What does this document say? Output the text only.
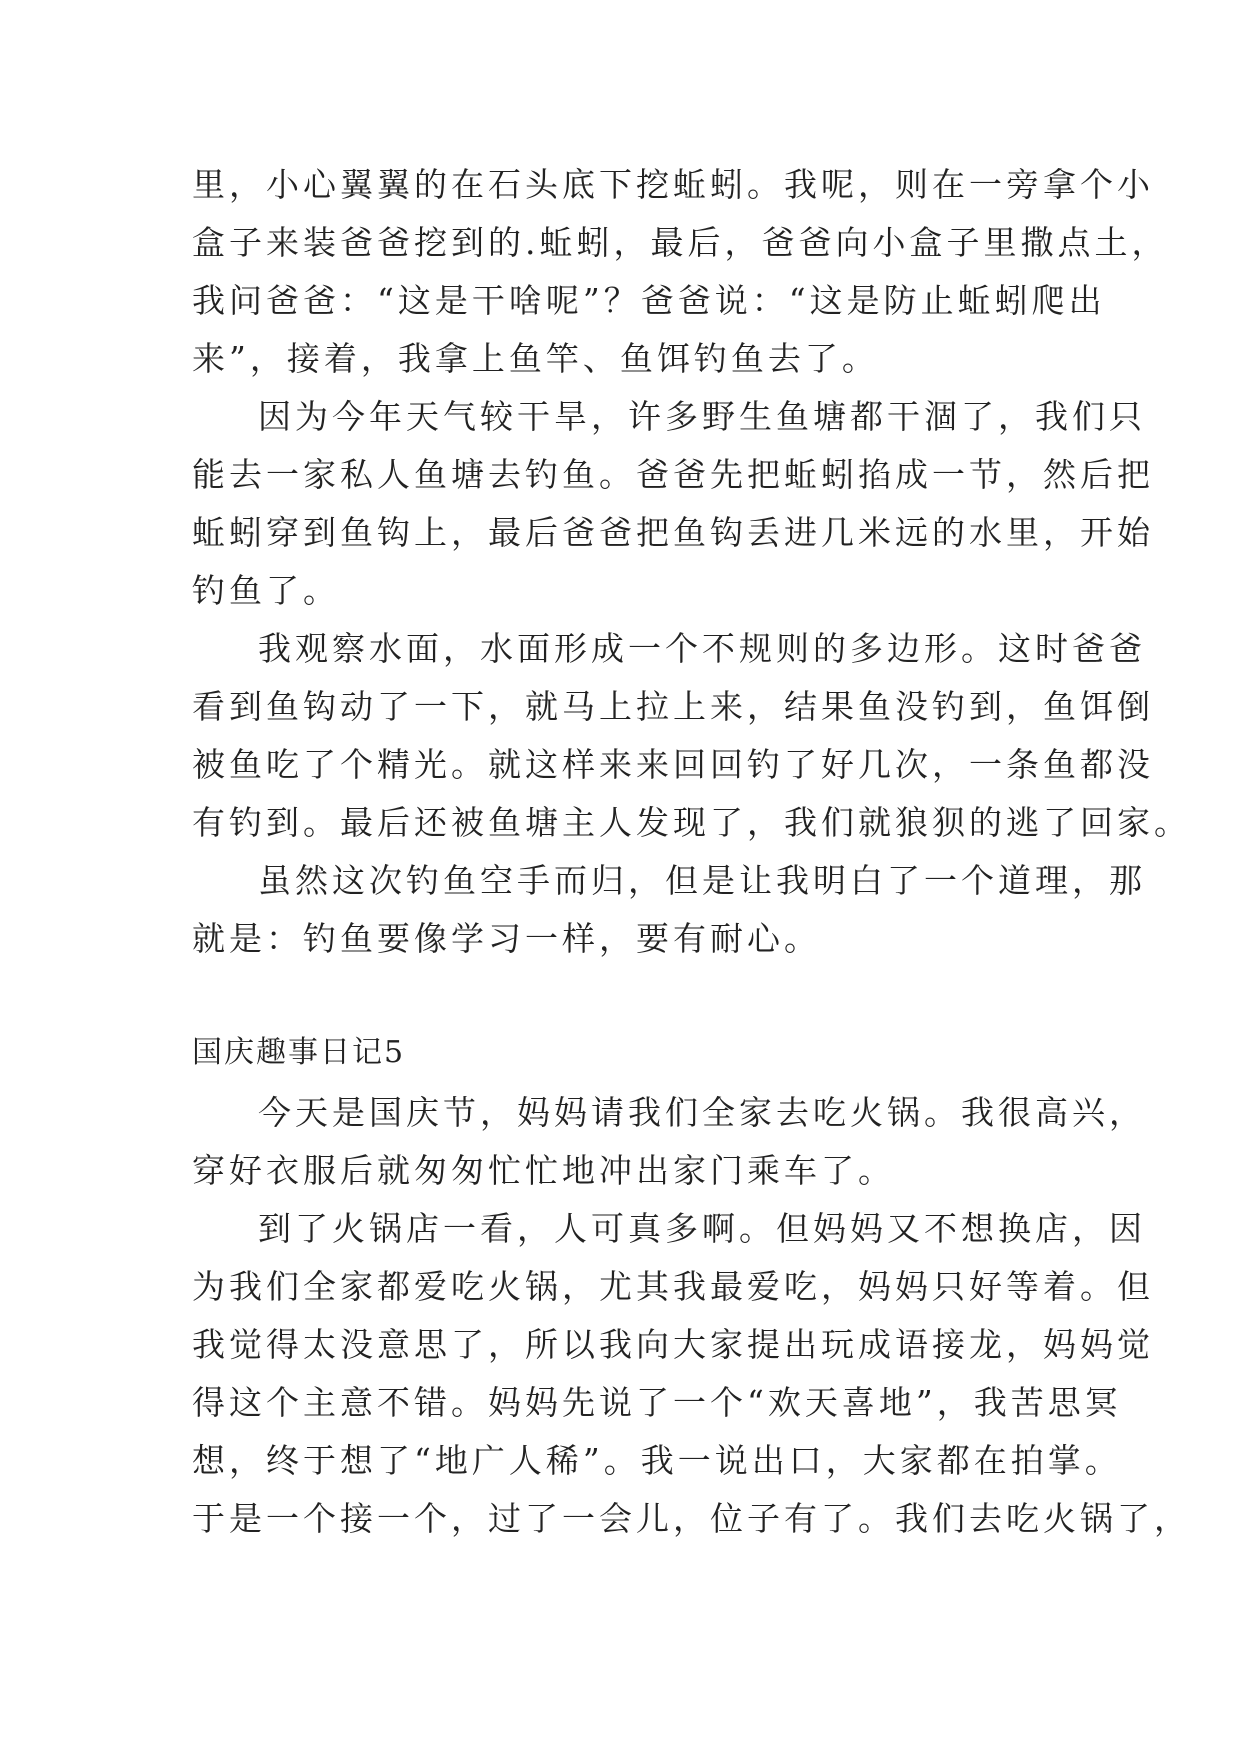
里，小心翼翼的在石头底下挖蚯蚓。我呢，则在一旁拿个小
盒子来装爸爸挖到的.蚯蚓，最后，爸爸向小盒子里撒点土，
我问爸爸：“这是干啥呢”？爸爸说：“这是防止蚯蚓爬出
来”，接着，我拿上鱼竿、鱼饵钓鱼去了。
因为今年天气较干旱，许多野生鱼塘都干涸了，我们只
能去一家私人鱼塘去钓鱼。爸爸先把蚯蚓掐成一节，然后把
蚯蚓穿到鱼钩上，最后爸爸把鱼钩丢进几米远的水里，开始
钓鱼了。
我观察水面，水面形成一个不规则的多边形。这时爸爸
看到鱼钩动了一下，就马上拉上来，结果鱼没钓到，鱼饵倒
被鱼吃了个精光。就这样来来回回钓了好几次，一条鱼都没
有钓到。最后还被鱼塘主人发现了，我们就狼狈的逃了回家。
虽然这次钓鱼空手而归，但是让我明白了一个道理，那
就是：钓鱼要像学习一样，要有耐心。
国庆趣事日记5
今天是国庆节，妈妈请我们全家去吃火锅。我很高兴，
穿好衣服后就匆匆忙忙地冲出家门乘车了。
到了火锅店一看，人可真多啊。但妈妈又不想换店，因
为我们全家都爱吃火锅，尤其我最爱吃，妈妈只好等着。但
我觉得太没意思了，所以我向大家提出玩成语接龙，妈妈觉
得这个主意不错。妈妈先说了一个“欢天喜地”，我苦思冥
想，终于想了“地广人稀”。我一说出口，大家都在拍掌。
于是一个接一个，过了一会儿，位子有了。我们去吃火锅了，
